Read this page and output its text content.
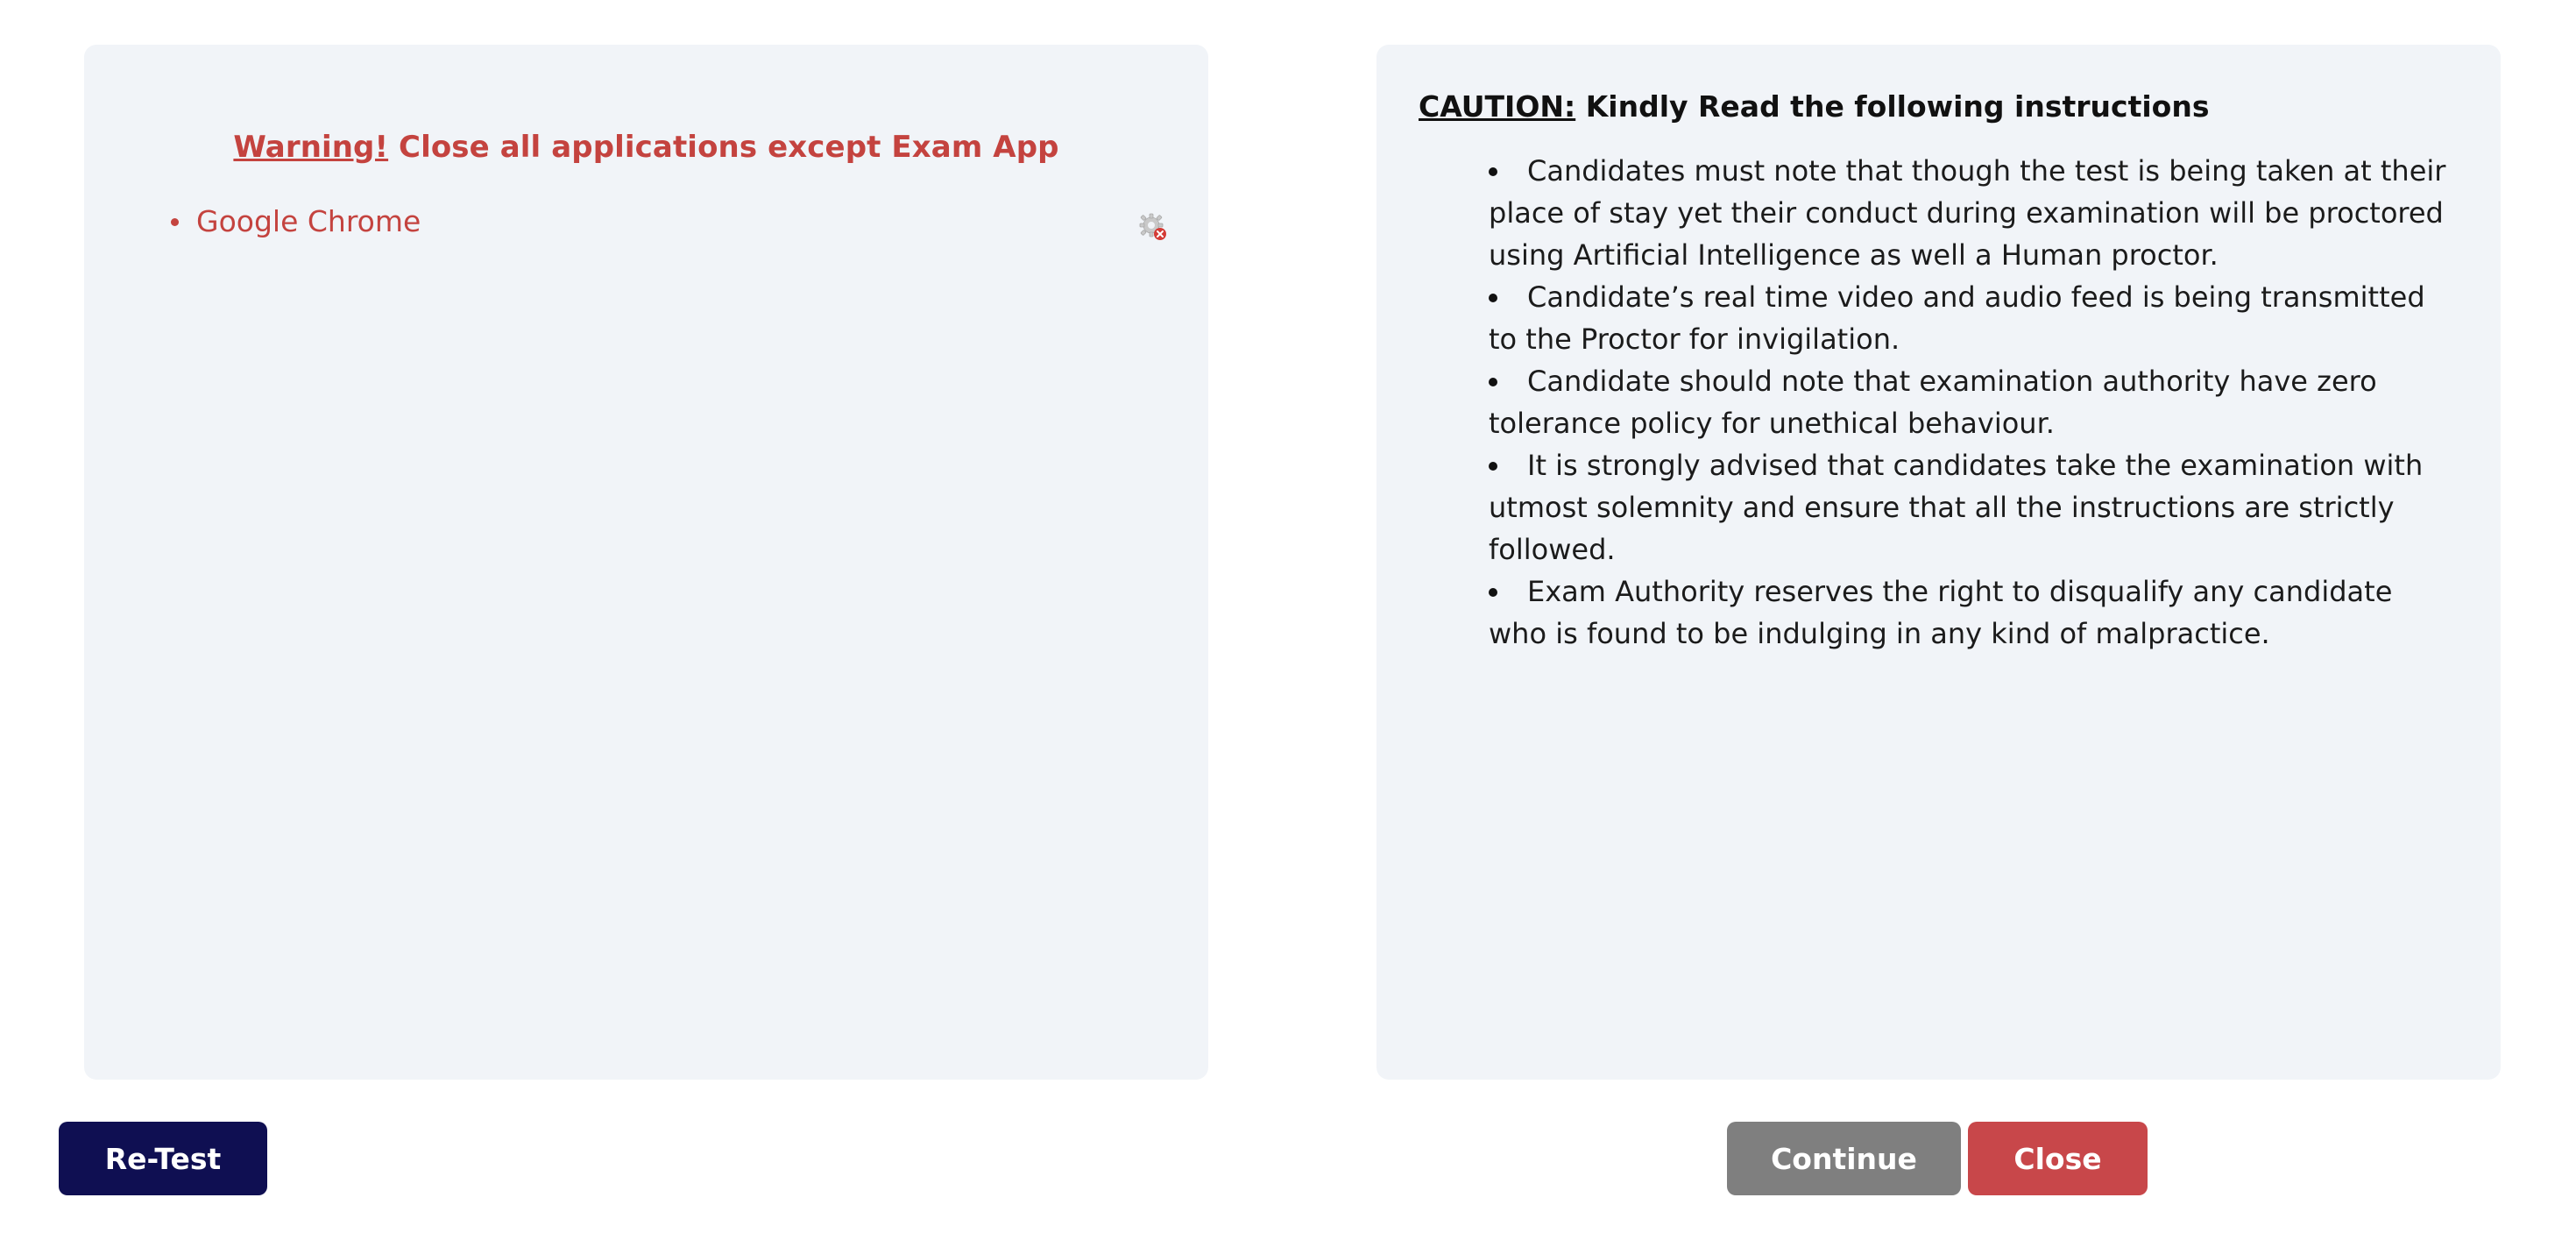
Warning! Close all applications except Exam App
Google Chrome
CAUTION: Kindly Read the following instructions
Candidates must note that though the test is being taken at their place of stay yet their conduct during examination will be proctored using Artificial Intelligence as well a Human proctor.
Candidate’s real time video and audio feed is being transmitted to the Proctor for invigilation.
Candidate should note that examination authority have zero tolerance policy for unethical behaviour.
It is strongly advised that candidates take the examination with utmost solemnity and ensure that all the instructions are strictly followed.
Exam Authority reserves the right to disqualify any candidate who is found to be indulging in any kind of malpractice.
Re-Test	Continue	Close
